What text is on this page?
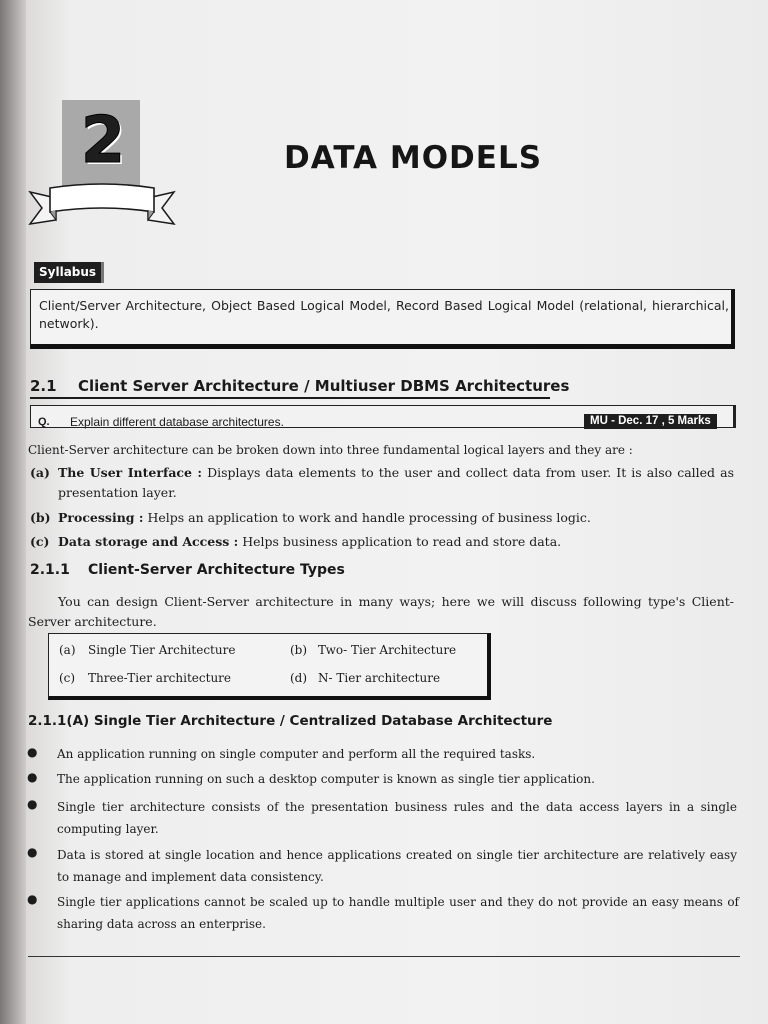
2	DATA MODELS
Syllabus
Client/Server Architecture, Object Based Logical Model, Record Based Logical Model (relational, hierarchical, network).
2.1 Client Server Architecture / Multiuser DBMS Architectures
Q. Explain different database architectures.	MU - Dec. 17 , 5 Marks
Client-Server architecture can be broken down into three fundamental logical layers and they are :
(a) The User Interface : Displays data elements to the user and collect data from user. It is also called as presentation layer.
(b) Processing : Helps an application to work and handle processing of business logic.
(c) Data storage and Access : Helps business application to read and store data.
2.1.1 Client-Server Architecture Types
You can design Client-Server architecture in many ways; here we will discuss following type's Client-Server architecture.
(a) Single Tier Architecture	(b) Two- Tier Architecture
(c) Three-Tier architecture	(d) N- Tier architecture
2.1.1(A) Single Tier Architecture / Centralized Database Architecture
● An application running on single computer and perform all the required tasks.
● The application running on such a desktop computer is known as single tier application.
● Single tier architecture consists of the presentation business rules and the data access layers in a single computing layer.
● Data is stored at single location and hence applications created on single tier architecture are relatively easy to manage and implement data consistency.
● Single tier applications cannot be scaled up to handle multiple user and they do not provide an easy means of sharing data across an enterprise.
